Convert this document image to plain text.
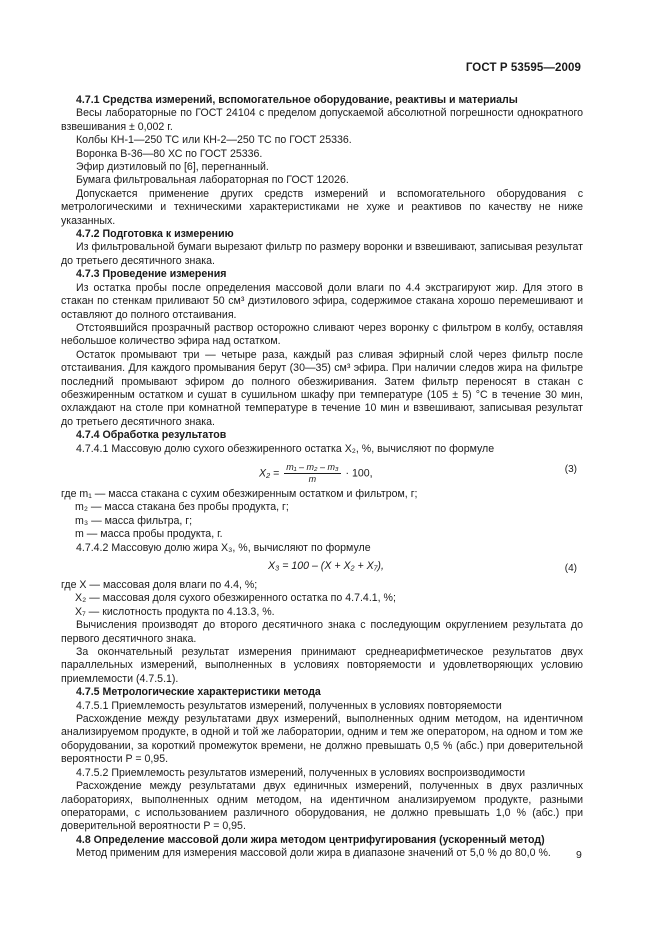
ГОСТ Р 53595—2009

4.7.1 Средства измерений, вспомогательное оборудование, реактивы и материалы

Весы лабораторные по ГОСТ 24104 с пределом допускаемой абсолютной погрешности однократного взвешивания ± 0,002 г.

Колбы КН-1—250 ТС или КН-2—250 ТС по ГОСТ 25336.

Воронка В-36—80 ХС по ГОСТ 25336.

Эфир диэтиловый по [6], перегнанный.

Бумага фильтровальная лабораторная по ГОСТ 12026.

Допускается применение других средств измерений и вспомогательного оборудования с метрологическими и техническими характеристиками не хуже и реактивов по качеству не ниже указанных.

4.7.2 Подготовка к измерению

Из фильтровальной бумаги вырезают фильтр по размеру воронки и взвешивают, записывая результат до третьего десятичного знака.

4.7.3 Проведение измерения

Из остатка пробы после определения массовой доли влаги по 4.4 экстрагируют жир. Для этого в стакан по стенкам приливают 50 см³ диэтилового эфира, содержимое стакана хорошо перемешивают и оставляют до полного отстаивания.

Отстоявшийся прозрачный раствор осторожно сливают через воронку с фильтром в колбу, оставляя небольшое количество эфира над остатком.

Остаток промывают три — четыре раза, каждый раз сливая эфирный слой через фильтр после отстаивания. Для каждого промывания берут (30—35) см³ эфира. При наличии следов жира на фильтре последний промывают эфиром до полного обезжиривания. Затем фильтр переносят в стакан с обезжиренным остатком и сушат в сушильном шкафу при температуре (105 ± 5) °С в течение 30 мин, охлаждают на столе при комнатной температуре в течение 10 мин и взвешивают, записывая результат до третьего десятичного знака.

4.7.4 Обработка результатов

4.7.4.1 Массовую долю сухого обезжиренного остатка X₂, %, вычисляют по формуле

$X_2 = \frac{\text{m₁ – m₂ – m₃}}{m} \cdot 100$,	(3)

где m₁ — масса стакана с сухим обезжиренным остатком и фильтром, г;

m₂ — масса стакана без пробы продукта, г;

m₃ — масса фильтра, г;

m — масса пробы продукта, г.

4.7.4.2 Массовую долю жира X₃, %, вычисляют по формуле

X₃ = 100 – (X + X₂ + X₇),	(4)

где X — массовая доля влаги по 4.4, %;

X₂ — массовая доля сухого обезжиренного остатка по 4.7.4.1, %;

X₇ — кислотность продукта по 4.13.3, %.

Вычисления производят до второго десятичного знака с последующим округлением результата до первого десятичного знака.

За окончательный результат измерения принимают среднеарифметическое результатов двух параллельных измерений, выполненных в условиях повторяемости и удовлетворяющих условию приемлемости (4.7.5.1).

4.7.5 Метрологические характеристики метода

4.7.5.1 Приемлемость результатов измерений, полученных в условиях повторяемости

Расхождение между результатами двух измерений, выполненных одним методом, на идентичном анализируемом продукте, в одной и той же лаборатории, одним и тем же оператором, на одном и том же оборудовании, за короткий промежуток времени, не должно превышать 0,5 % (абс.) при доверительной вероятности P = 0,95.

4.7.5.2 Приемлемость результатов измерений, полученных в условиях воспроизводимости

Расхождение между результатами двух единичных измерений, полученных в двух различных лабораториях, выполненных одним методом, на идентичном анализируемом продукте, разными операторами, с использованием различного оборудования, не должно превышать 1,0 % (абс.) при доверительной вероятности P = 0,95.

4.8 Определение массовой доли жира методом центрифугирования (ускоренный метод)

Метод применим для измерения массовой доли жира в диапазоне значений от 5,0 % до 80,0 %.	9
